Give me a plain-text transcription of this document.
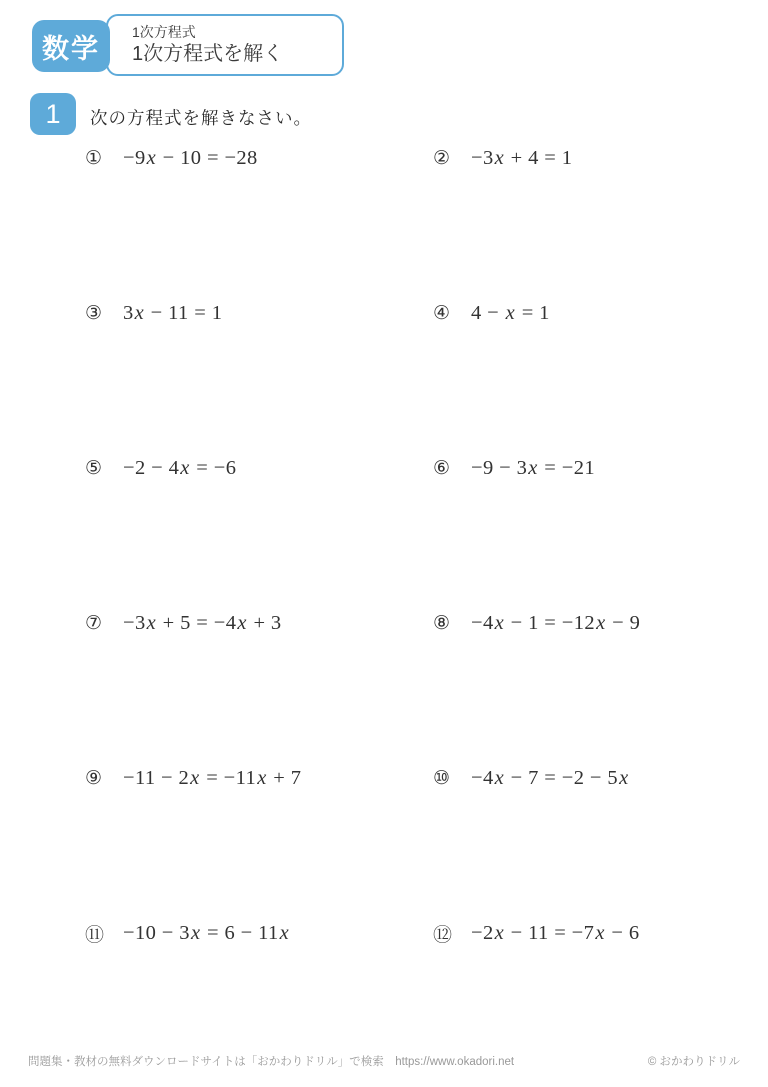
1次方程式
1次方程式を解く
数学
1	次の方程式を解きなさい。
①	−9x − 10 = −28	②	−3x + 4 = 1
③	3x − 11 = 1	④	4 − x = 1
⑤	−2 − 4x = −6	⑥	−9 − 3x = −21
⑦	−3x + 5 = −4x + 3	⑧	−4x − 1 = −12x − 9
⑨	−11 − 2x = −11x + 7	⑩	−4x − 7 = −2 − 5x
⑪ −10 − 3x = 6 − 11x	⑫ −2x − 11 = −7x − 6
問題集・教材の無料ダウンロードサイトは「おかわりドリル」で検索　https://www.okadori.net	© おかわりドリル
